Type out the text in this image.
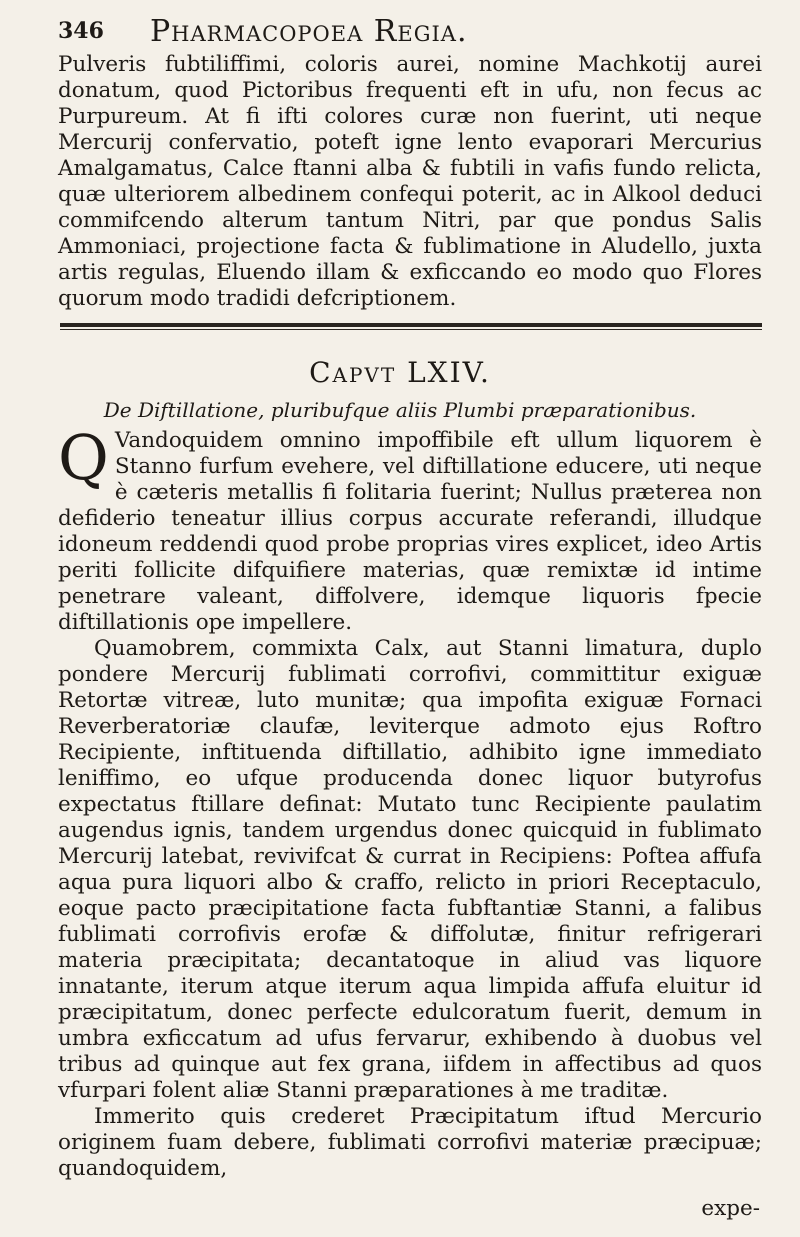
346 Pharmacopoea Regia.

Pulveris fubtiliffimi, coloris aurei, nomine Machkotij aurei donatum, quod Pictoribus frequenti eft in ufu, non fecus ac Purpureum. At fi ifti colores curæ non fuerint, uti neque Mercurij confervatio, poteft igne lento evaporari Mercurius Amalgamatus, Calce ftanni alba & fubtili in vafis fundo relicta, quæ ulteriorem albedinem confequi poterit, ac in Alkool deduci commifcendo alterum tantum Nitri, par que pondus Salis Ammoniaci, projectione facta & fublimatione in Aludello, juxta artis regulas, Eluendo illam & exficcando eo modo quo Flores quorum modo tradidi defcriptionem.

Capvt LXIV.
De Diftillatione, pluribufque aliis Plumbi præparationibus.

Q Vandoquidem omnino impoffibile eft ullum liquorem è Stanno furfum evehere, vel diftillatione educere, uti neque è cæteris metallis fi folitaria fuerint; Nullus præterea non defiderio teneatur illius corpus accurate referandi, illudque idoneum reddendi quod probe proprias vires explicet, ideo Artis periti follicite difquifiere materias, quæ remixtæ id intime penetrare valeant, diffolvere, idemque liquoris fpecie diftillationis ope impellere.

Quamobrem, commixta Calx, aut Stanni limatura, duplo pondere Mercurij fublimati corrofivi, committitur exiguæ Retortæ vitreæ, luto munitæ; qua impofita exiguæ Fornaci Reverberatoriæ claufæ, leviterque admoto ejus Roftro Recipiente, inftituenda diftillatio, adhibito igne immediato leniffimo, eo ufque producenda donec liquor butyrofus expectatus ftillare definat: Mutato tunc Recipiente paulatim augendus ignis, tandem urgendus donec quicquid in fublimato Mercurij latebat, revivifcat & currat in Recipiens: Poftea affufa aqua pura liquori albo & craffo, relicto in priori Receptaculo, eoque pacto præcipitatione facta fubftantiæ Stanni, a falibus fublimati corrofivis erofæ & diffolutæ, finitur refrigerari materia præcipitata; decantatoque in aliud vas liquore innatante, iterum atque iterum aqua limpida affufa eluitur id præcipitatum, donec perfecte edulcoratum fuerit, demum in umbra exficcatum ad ufus fervarur, exhibendo à duobus vel tribus ad quinque aut fex grana, iifdem in affectibus ad quos vfurpari folent aliæ Stanni præparationes à me traditæ.

Immerito quis crederet Præcipitatum iftud Mercurio originem fuam debere, fublimati corrofivi materiæ præcipuæ; quandoquidem,

expe-
